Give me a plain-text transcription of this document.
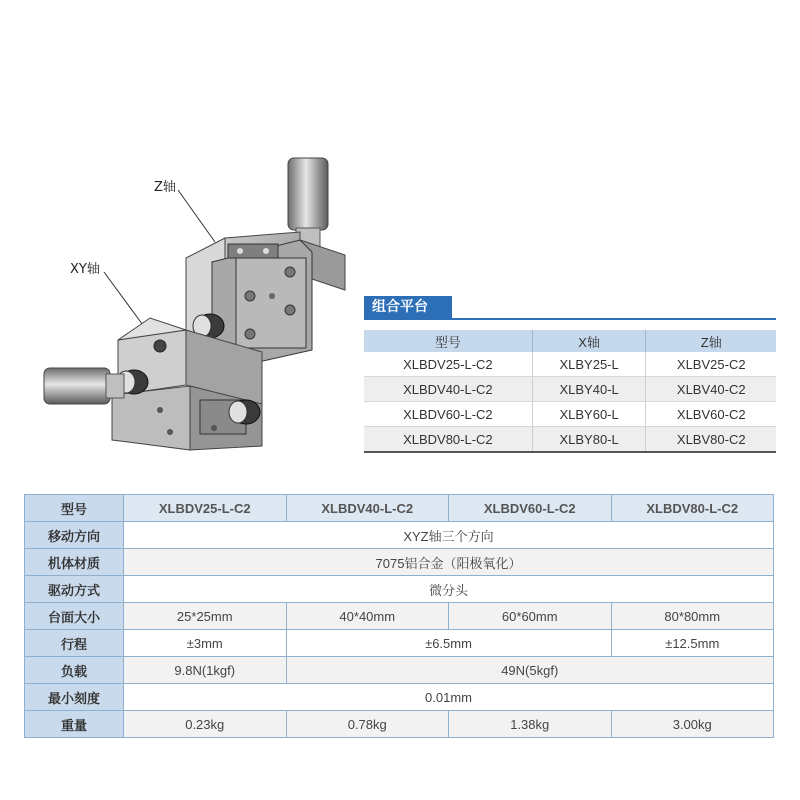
Z轴
XY轴
组合平台
型号	X轴	Z轴
XLBDV25-L-C2	XLBY25-L	XLBV25-C2
XLBDV40-L-C2	XLBY40-L	XLBV40-C2
XLBDV60-L-C2	XLBY60-L	XLBV60-C2
XLBDV80-L-C2	XLBY80-L	XLBV80-C2
型号	XLBDV25-L-C2	XLBDV40-L-C2	XLBDV60-L-C2	XLBDV80-L-C2
移动方向	XYZ轴三个方向			
机体材质	7075铝合金（阳极氧化）			
驱动方式	微分头			
台面大小	25*25mm	40*40mm	60*60mm	80*80mm
行程	±3mm	±6.5mm		±12.5mm
负载	9.8N(1kgf)	49N(5kgf)		
最小刻度	0.01mm			
重量	0.23kg	0.78kg	1.38kg	3.00kg
